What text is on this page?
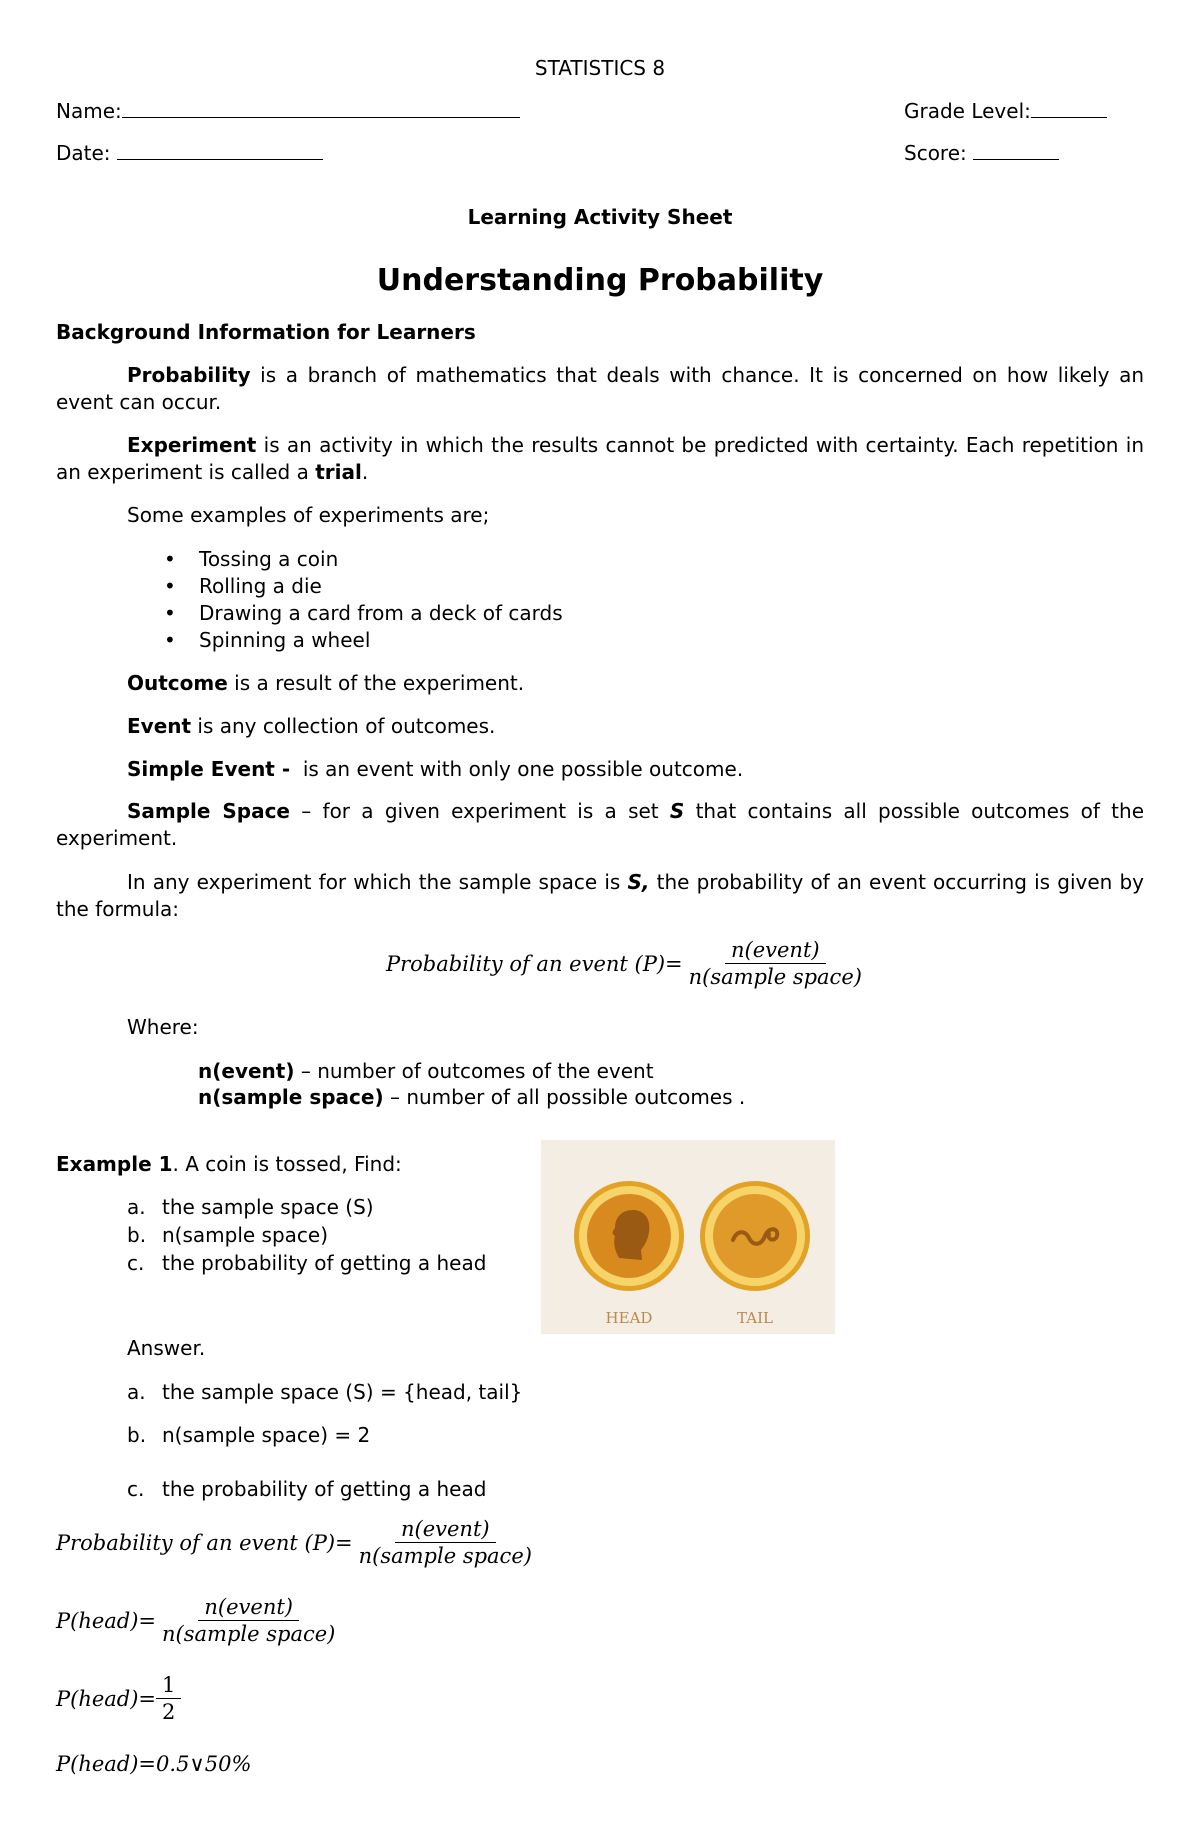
STATISTICS 8
Name:	Grade Level:
Date:	Score:
Learning Activity Sheet
Understanding Probability
Background Information for Learners
Probability is a branch of mathematics that deals with chance. It is concerned on how likely an event can occur.
Experiment is an activity in which the results cannot be predicted with certainty. Each repetition in an experiment is called a trial.
Some examples of experiments are;
• Tossing a coin
• Rolling a die
• Drawing a card from a deck of cards
• Spinning a wheel
Outcome is a result of the experiment.
Event is any collection of outcomes.
Simple Event -  is an event with only one possible outcome.
Sample Space – for a given experiment is a set S that contains all possible outcomes of the experiment.
In any experiment for which the sample space is S, the probability of an event occurring is given by the formula:
Probability of an event $(P)= \frac{\text{n(event)}}{\text{n(sample space)}}$
Where:
n(event) – number of outcomes of the event
n(sample space) – number of all possible outcomes .
Example 1. A coin is tossed, Find:
a. the sample space (S)
b. n(sample space)
c. the probability of getting a head
HEAD	TAIL
Answer.
a. the sample space (S) = {head, tail}
b. n(sample space) = 2
c. the probability of getting a head
Probability of an event $(P)= \frac{\text{n(event)}}{\text{n(sample space)}}$
P(head)= $\frac{\text{n(event)}}{\text{n(sample space)}}$
P(head)= $\frac{1}{2}$
P(head)=0.5∨50%
